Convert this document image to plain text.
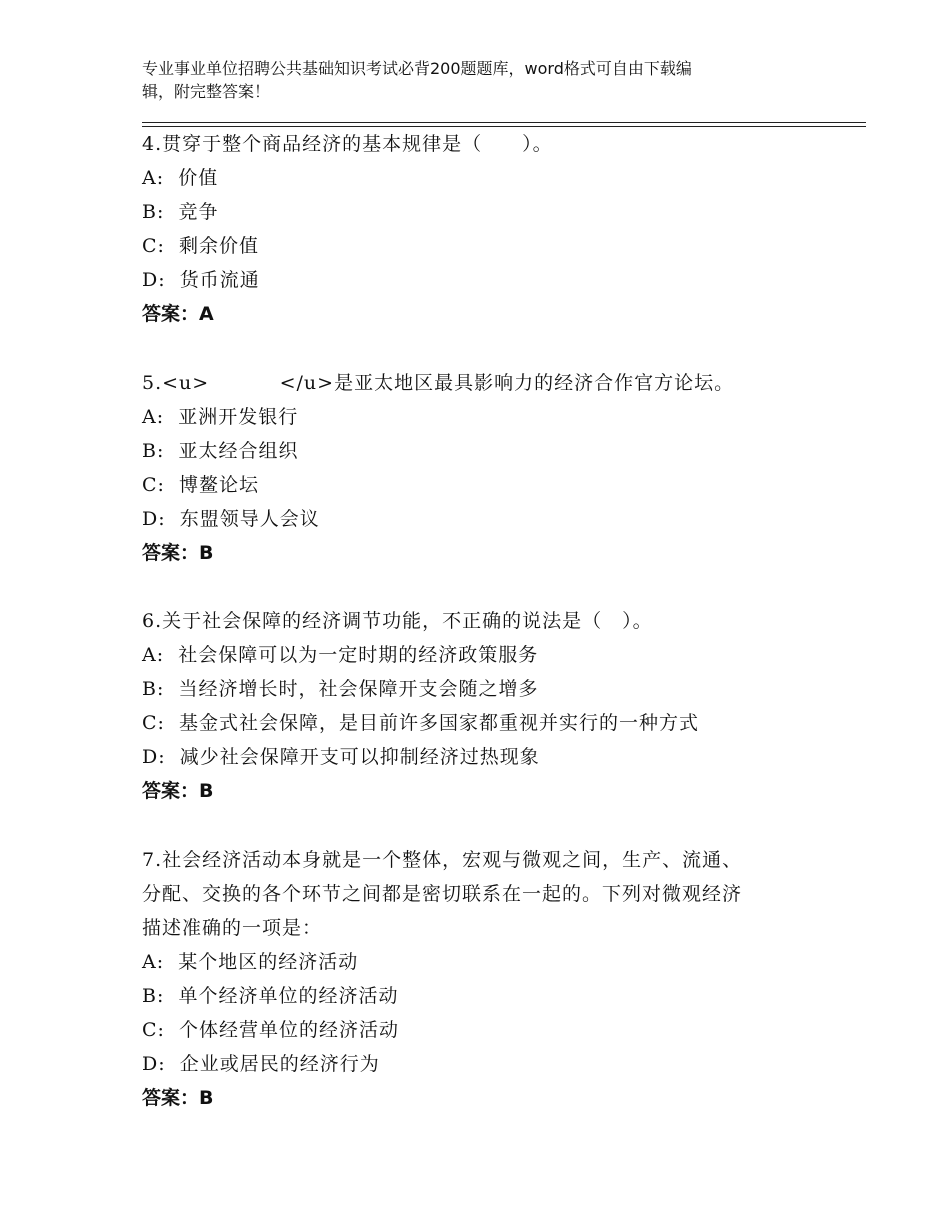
专业事业单位招聘公共基础知识考试必背200题题库，word格式可自由下载编
辑，附完整答案！
4.贯穿于整个商品经济的基本规律是（　　）。
A:  价值
B:  竞争
C:  剩余价值
D:  货币流通
答案：A
5.<u>          </u>是亚太地区最具影响力的经济合作官方论坛。
A:  亚洲开发银行
B:  亚太经合组织
C:  博鳌论坛
D:  东盟领导人会议
答案：B
6.关于社会保障的经济调节功能，不正确的说法是（　）。
A:  社会保障可以为一定时期的经济政策服务
B:  当经济增长时，社会保障开支会随之增多
C:  基金式社会保障，是目前许多国家都重视并实行的一种方式
D:  减少社会保障开支可以抑制经济过热现象
答案：B
7.社会经济活动本身就是一个整体，宏观与微观之间，生产、流通、
分配、交换的各个环节之间都是密切联系在一起的。下列对微观经济
描述准确的一项是：
A:  某个地区的经济活动
B:  单个经济单位的经济活动
C:  个体经营单位的经济活动
D:  企业或居民的经济行为
答案：B
